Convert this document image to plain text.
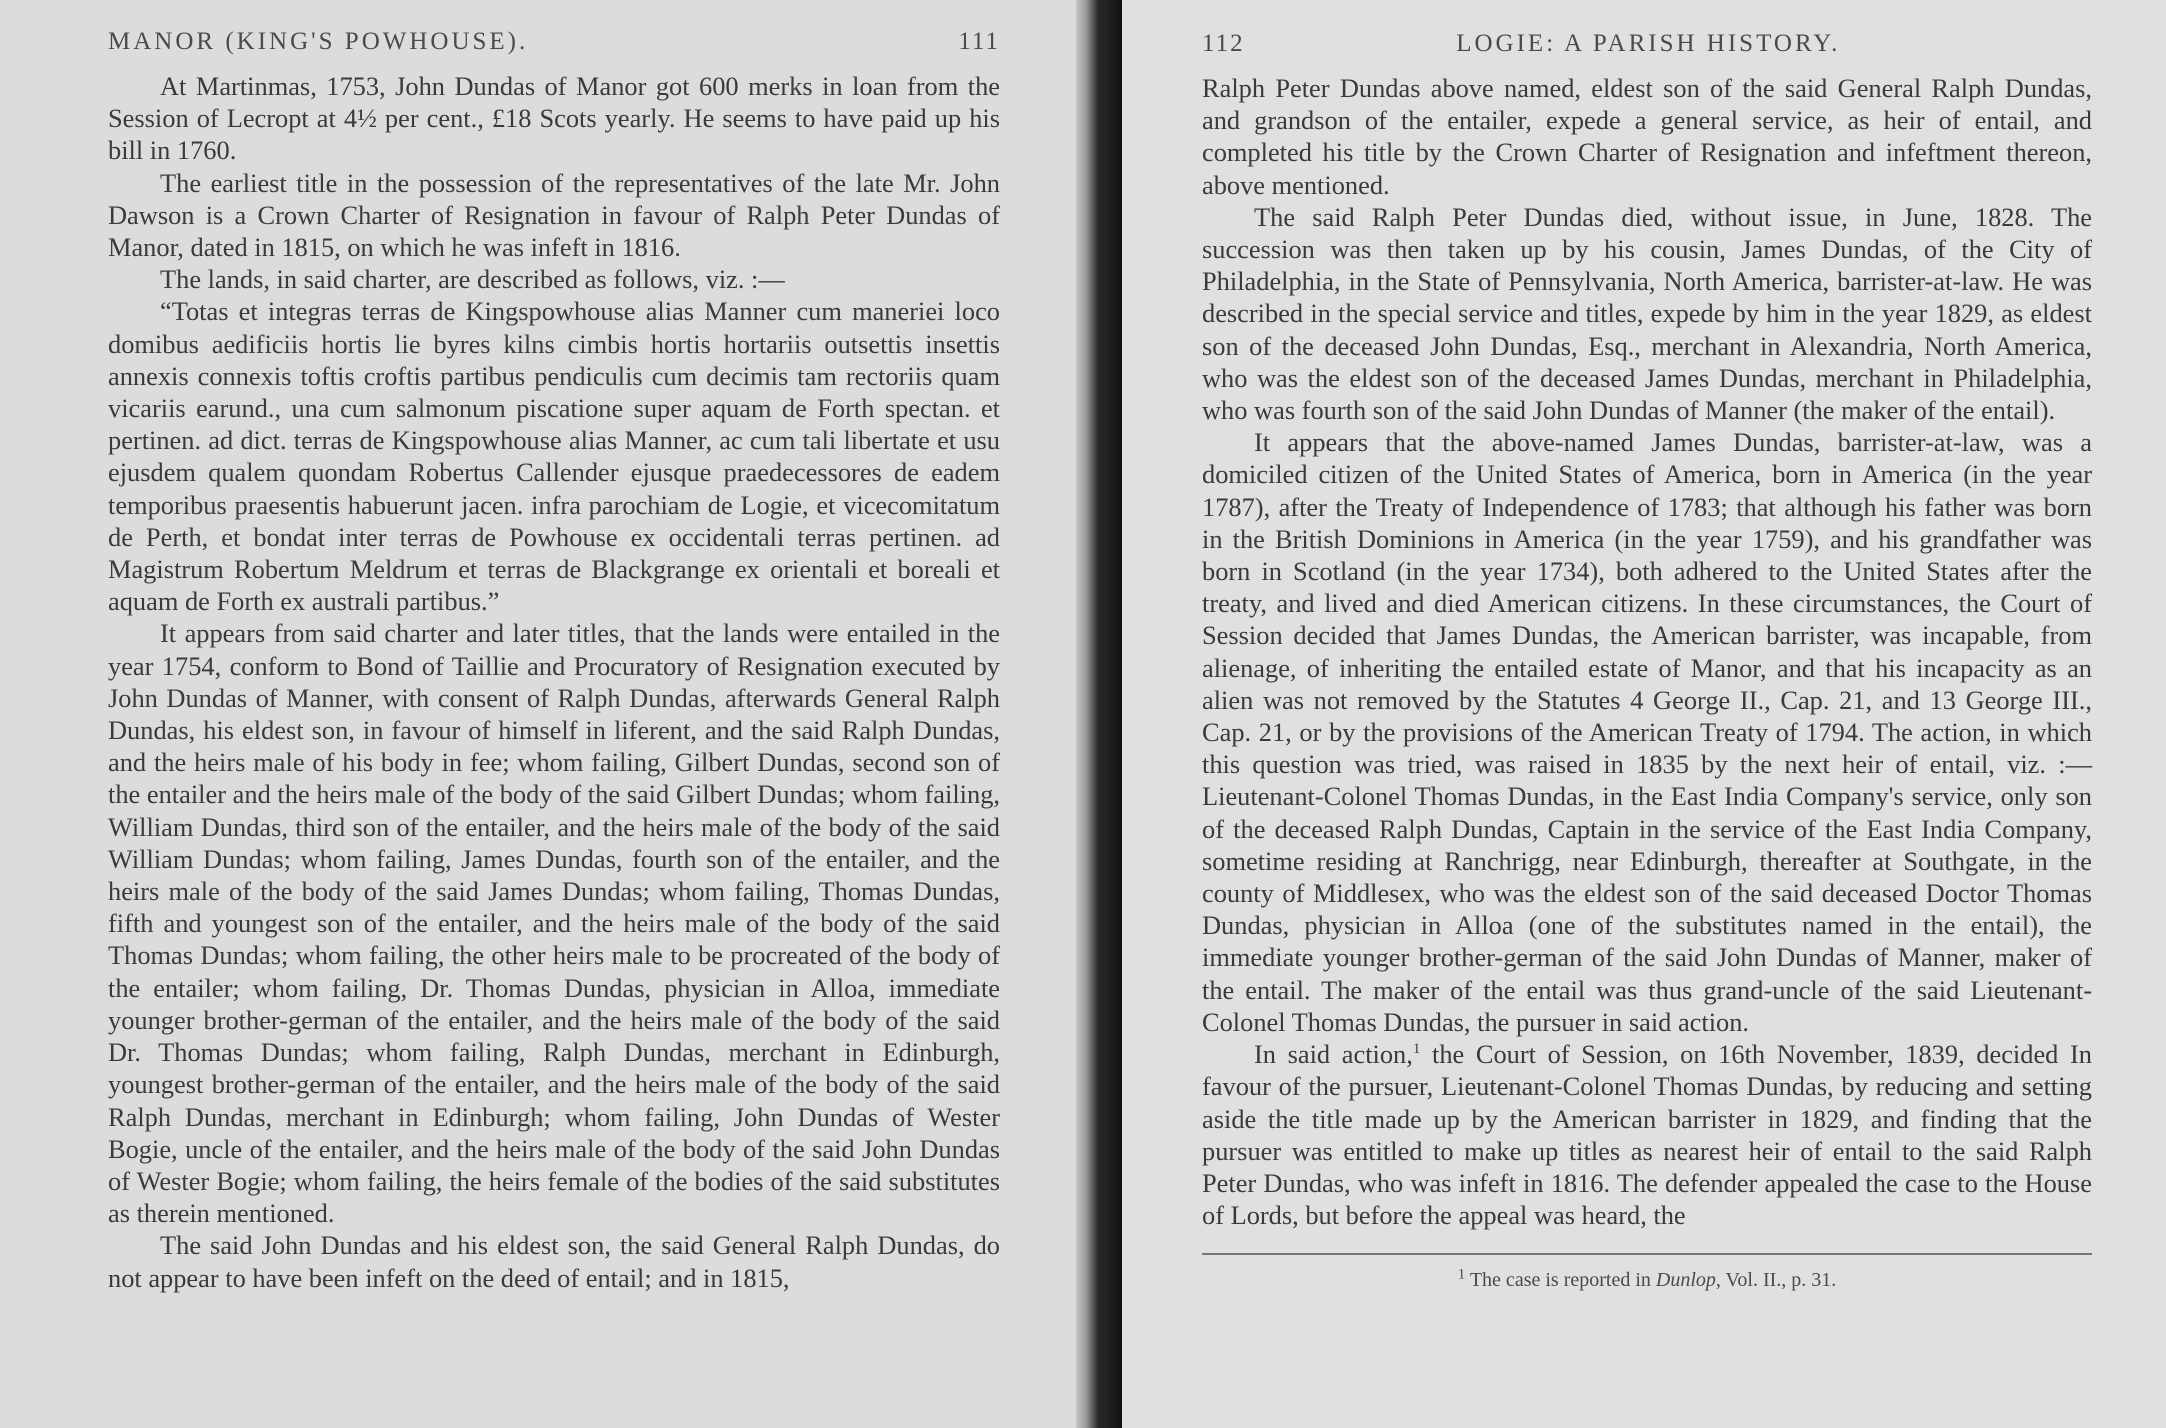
MANOR (KING'S POWHOUSE).	111

At Martinmas, 1753, John Dundas of Manor got 600 merks in loan from the Session of Lecropt at 4½ per cent., £18 Scots yearly. He seems to have paid up his bill in 1760.

The earliest title in the possession of the representatives of the late Mr. John Dawson is a Crown Charter of Resignation in favour of Ralph Peter Dundas of Manor, dated in 1815, on which he was infeft in 1816.

The lands, in said charter, are described as follows, viz. :—

“Totas et integras terras de Kingspowhouse alias Manner cum maneriei loco domibus aedificiis hortis lie byres kilns cimbis hortis hortariis outsettis insettis annexis connexis toftis croftis partibus pendiculis cum decimis tam rectoriis quam vicariis earund., una cum salmonum piscatione super aquam de Forth spectan. et pertinen. ad dict. terras de Kingspowhouse alias Manner, ac cum tali libertate et usu ejusdem qualem quondam Robertus Callender ejusque praedecessores de eadem temporibus praesentis habuerunt jacen. infra parochiam de Logie, et vicecomitatum de Perth, et bondat inter terras de Powhouse ex occidentali terras pertinen. ad Magistrum Robertum Meldrum et terras de Blackgrange ex orientali et boreali et aquam de Forth ex australi partibus.”

It appears from said charter and later titles, that the lands were entailed in the year 1754, conform to Bond of Taillie and Procuratory of Resignation executed by John Dundas of Manner, with consent of Ralph Dundas, afterwards General Ralph Dundas, his eldest son, in favour of himself in liferent, and the said Ralph Dundas, and the heirs male of his body in fee; whom failing, Gilbert Dundas, second son of the entailer and the heirs male of the body of the said Gilbert Dundas; whom failing, William Dundas, third son of the entailer, and the heirs male of the body of the said William Dundas; whom failing, James Dundas, fourth son of the entailer, and the heirs male of the body of the said James Dundas; whom failing, Thomas Dundas, fifth and youngest son of the entailer, and the heirs male of the body of the said Thomas Dundas; whom failing, the other heirs male to be procreated of the body of the entailer; whom failing, Dr. Thomas Dundas, physician in Alloa, immediate younger brother-german of the entailer, and the heirs male of the body of the said Dr. Thomas Dundas; whom failing, Ralph Dundas, merchant in Edinburgh, youngest brother-german of the entailer, and the heirs male of the body of the said Ralph Dundas, merchant in Edinburgh; whom failing, John Dundas of Wester Bogie, uncle of the entailer, and the heirs male of the body of the said John Dundas of Wester Bogie; whom failing, the heirs female of the bodies of the said substitutes as therein mentioned.

The said John Dundas and his eldest son, the said General Ralph Dundas, do not appear to have been infeft on the deed of entail; and in 1815,

112	LOGIE: A PARISH HISTORY.

Ralph Peter Dundas above named, eldest son of the said General Ralph Dundas, and grandson of the entailer, expede a general service, as heir of entail, and completed his title by the Crown Charter of Resignation and infeftment thereon, above mentioned.

The said Ralph Peter Dundas died, without issue, in June, 1828. The succession was then taken up by his cousin, James Dundas, of the City of Philadelphia, in the State of Pennsylvania, North America, barrister-at-law. He was described in the special service and titles, expede by him in the year 1829, as eldest son of the deceased John Dundas, Esq., merchant in Alexandria, North America, who was the eldest son of the deceased James Dundas, merchant in Philadelphia, who was fourth son of the said John Dundas of Manner (the maker of the entail).

It appears that the above-named James Dundas, barrister-at-law, was a domiciled citizen of the United States of America, born in America (in the year 1787), after the Treaty of Independence of 1783; that although his father was born in the British Dominions in America (in the year 1759), and his grandfather was born in Scotland (in the year 1734), both adhered to the United States after the treaty, and lived and died American citizens. In these circumstances, the Court of Session decided that James Dundas, the American barrister, was incapable, from alienage, of inheriting the entailed estate of Manor, and that his incapacity as an alien was not removed by the Statutes 4 George II., Cap. 21, and 13 George III., Cap. 21, or by the provisions of the American Treaty of 1794. The action, in which this question was tried, was raised in 1835 by the next heir of entail, viz. :—Lieutenant-Colonel Thomas Dundas, in the East India Company's service, only son of the deceased Ralph Dundas, Captain in the service of the East India Company, sometime residing at Ranchrigg, near Edinburgh, thereafter at Southgate, in the county of Middlesex, who was the eldest son of the said deceased Doctor Thomas Dundas, physician in Alloa (one of the substitutes named in the entail), the immediate younger brother-german of the said John Dundas of Manner, maker of the entail. The maker of the entail was thus grand-uncle of the said Lieutenant-Colonel Thomas Dundas, the pursuer in said action.

In said action,$^1$ the Court of Session, on 16th November, 1839, decided In favour of the pursuer, Lieutenant-Colonel Thomas Dundas, by reducing and setting aside the title made up by the American barrister in 1829, and finding that the pursuer was entitled to make up titles as nearest heir of entail to the said Ralph Peter Dundas, who was infeft in 1816. The defender appealed the case to the House of Lords, but before the appeal was heard, the

$^1$ The case is reported in Dunlop, Vol. II., p. 31.
